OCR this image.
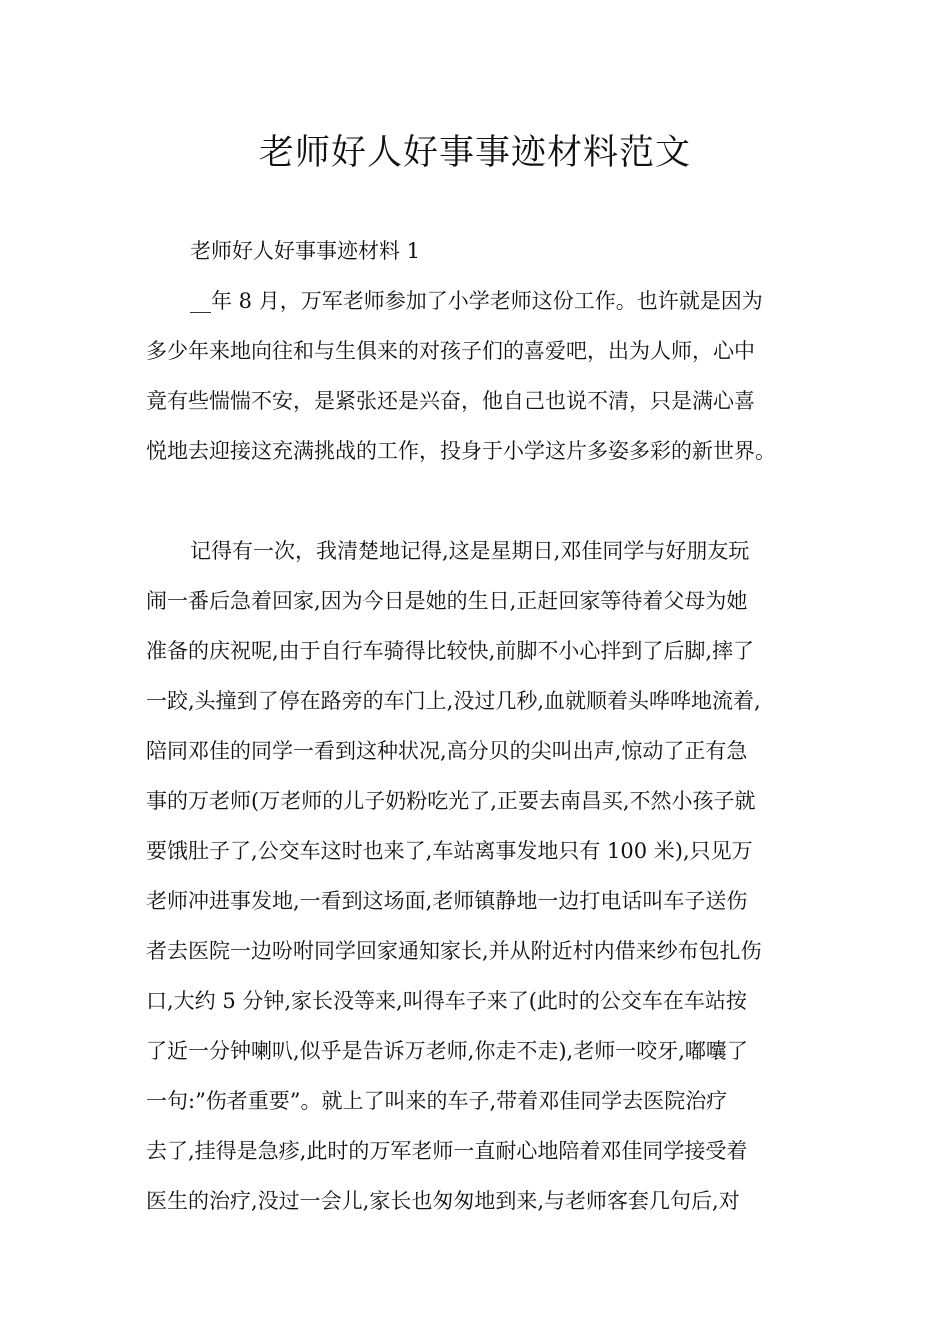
老师好人好事事迹材料范文
老师好人好事事迹材料 1
__年 8 月，万军老师参加了小学老师这份工作。也许就是因为
多少年来地向往和与生俱来的对孩子们的喜爱吧，出为人师，心中
竟有些惴惴不安，是紧张还是兴奋，他自己也说不清，只是满心喜
悦地去迎接这充满挑战的工作，投身于小学这片多姿多彩的新世界。
记得有一次，我清楚地记得,这是星期日,邓佳同学与好朋友玩
闹一番后急着回家,因为今日是她的生日,正赶回家等待着父母为她
准备的庆祝呢,由于自行车骑得比较快,前脚不小心拌到了后脚,摔了
一跤,头撞到了停在路旁的车门上,没过几秒,血就顺着头哗哗地流着,
陪同邓佳的同学一看到这种状况,高分贝的尖叫出声,惊动了正有急
事的万老师(万老师的儿子奶粉吃光了,正要去南昌买,不然小孩子就
要饿肚子了,公交车这时也来了,车站离事发地只有 100 米),只见万
老师冲进事发地,一看到这场面,老师镇静地一边打电话叫车子送伤
者去医院一边吩咐同学回家通知家长,并从附近村内借来纱布包扎伤
口,大约 5 分钟,家长没等来,叫得车子来了(此时的公交车在车站按
了近一分钟喇叭,似乎是告诉万老师,你走不走),老师一咬牙,嘟囔了
一句:”伤者重要”。就上了叫来的车子,带着邓佳同学去医院治疗
去了,挂得是急疹,此时的万军老师一直耐心地陪着邓佳同学接受着
医生的治疗,没过一会儿,家长也匆匆地到来,与老师客套几句后,对
